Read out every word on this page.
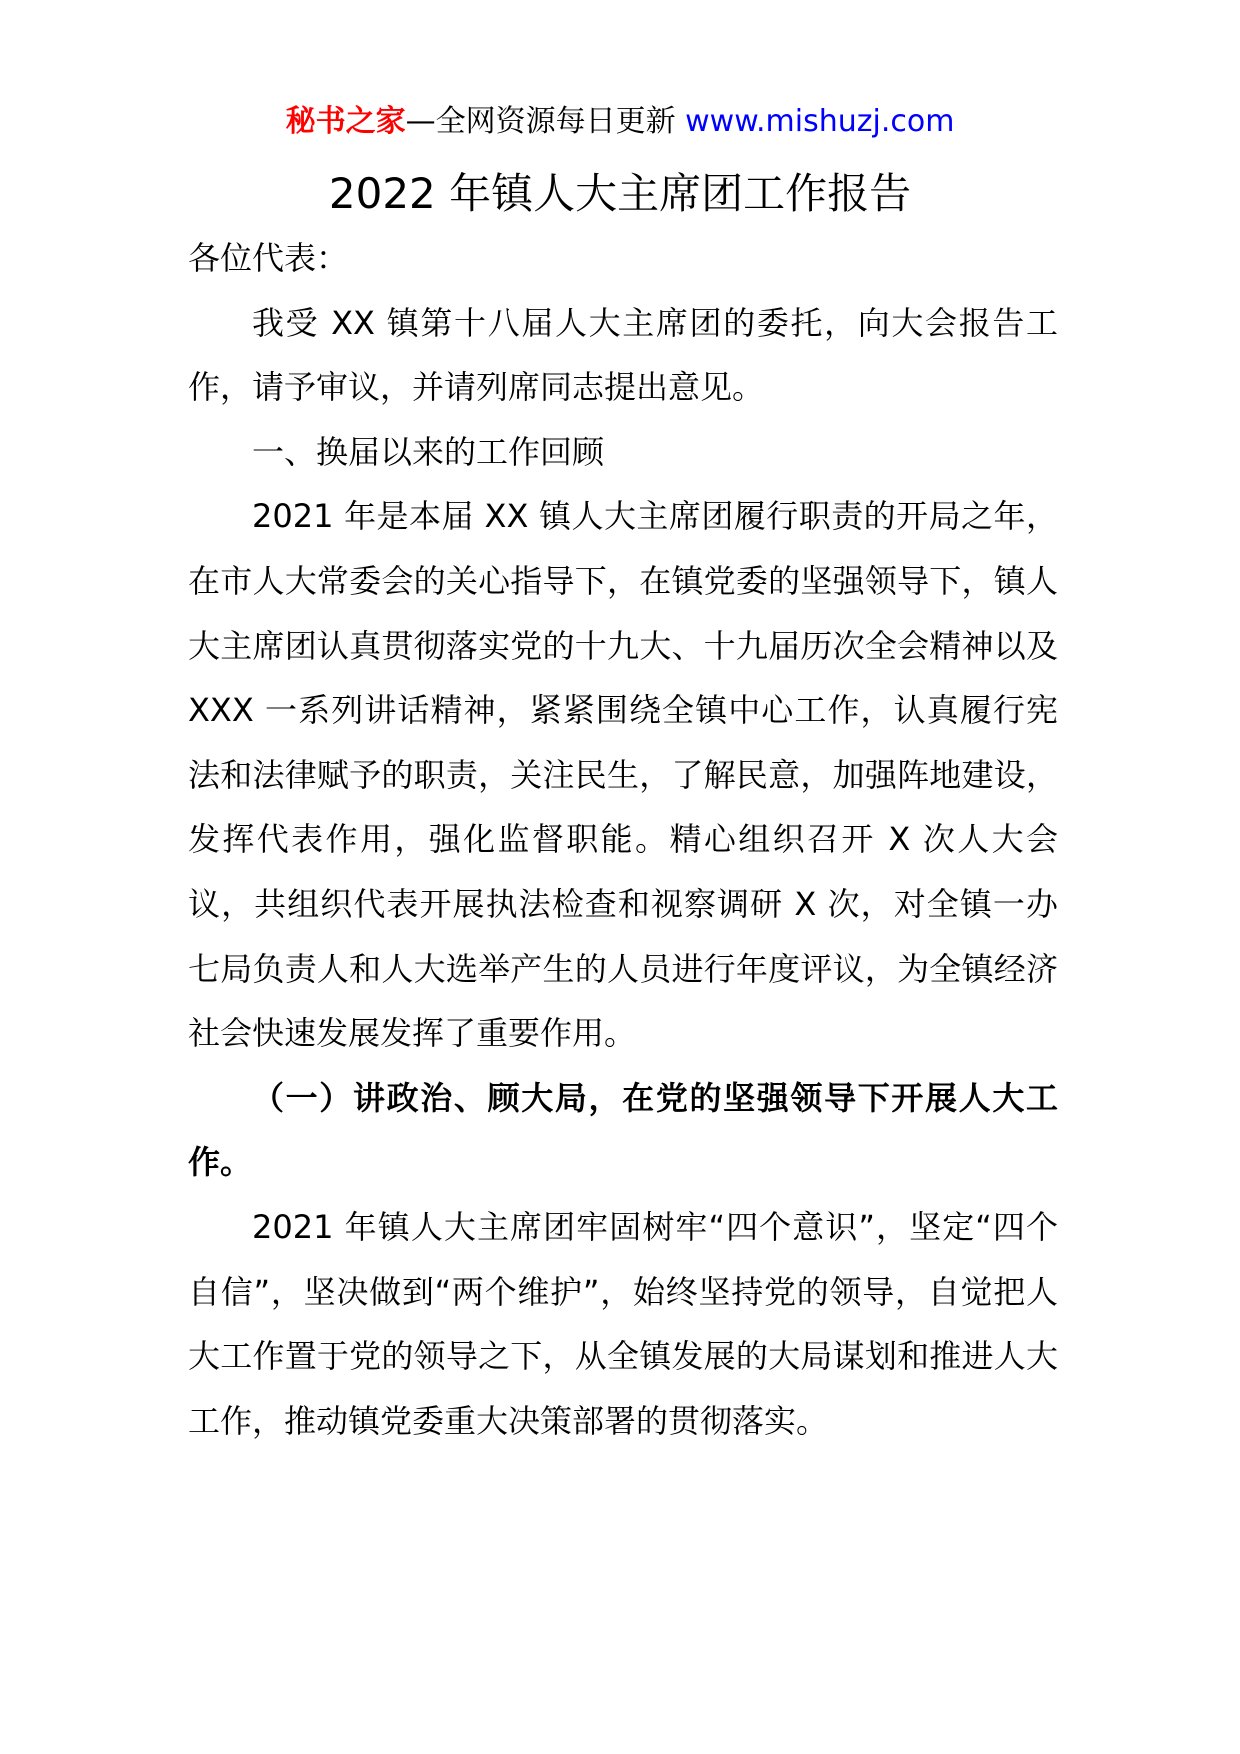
秘书之家—全网资源每日更新 www.mishuzj.com
2022 年镇人大主席团工作报告

各位代表：

我受 XX 镇第十八届人大主席团的委托，向大会报告工作，请予审议，并请列席同志提出意见。

一、换届以来的工作回顾

2021 年是本届 XX 镇人大主席团履行职责的开局之年，在市人大常委会的关心指导下，在镇党委的坚强领导下，镇人大主席团认真贯彻落实党的十九大、十九届历次全会精神以及 XXX 一系列讲话精神，紧紧围绕全镇中心工作，认真履行宪法和法律赋予的职责，关注民生，了解民意，加强阵地建设，发挥代表作用，强化监督职能。精心组织召开 X 次人大会议，共组织代表开展执法检查和视察调研 X 次，对全镇一办七局负责人和人大选举产生的人员进行年度评议，为全镇经济社会快速发展发挥了重要作用。

（一）讲政治、顾大局，在党的坚强领导下开展人大工作。

2021 年镇人大主席团牢固树牢“四个意识”，坚定“四个自信”，坚决做到“两个维护”，始终坚持党的领导，自觉把人大工作置于党的领导之下，从全镇发展的大局谋划和推进人大工作，推动镇党委重大决策部署的贯彻落实。
